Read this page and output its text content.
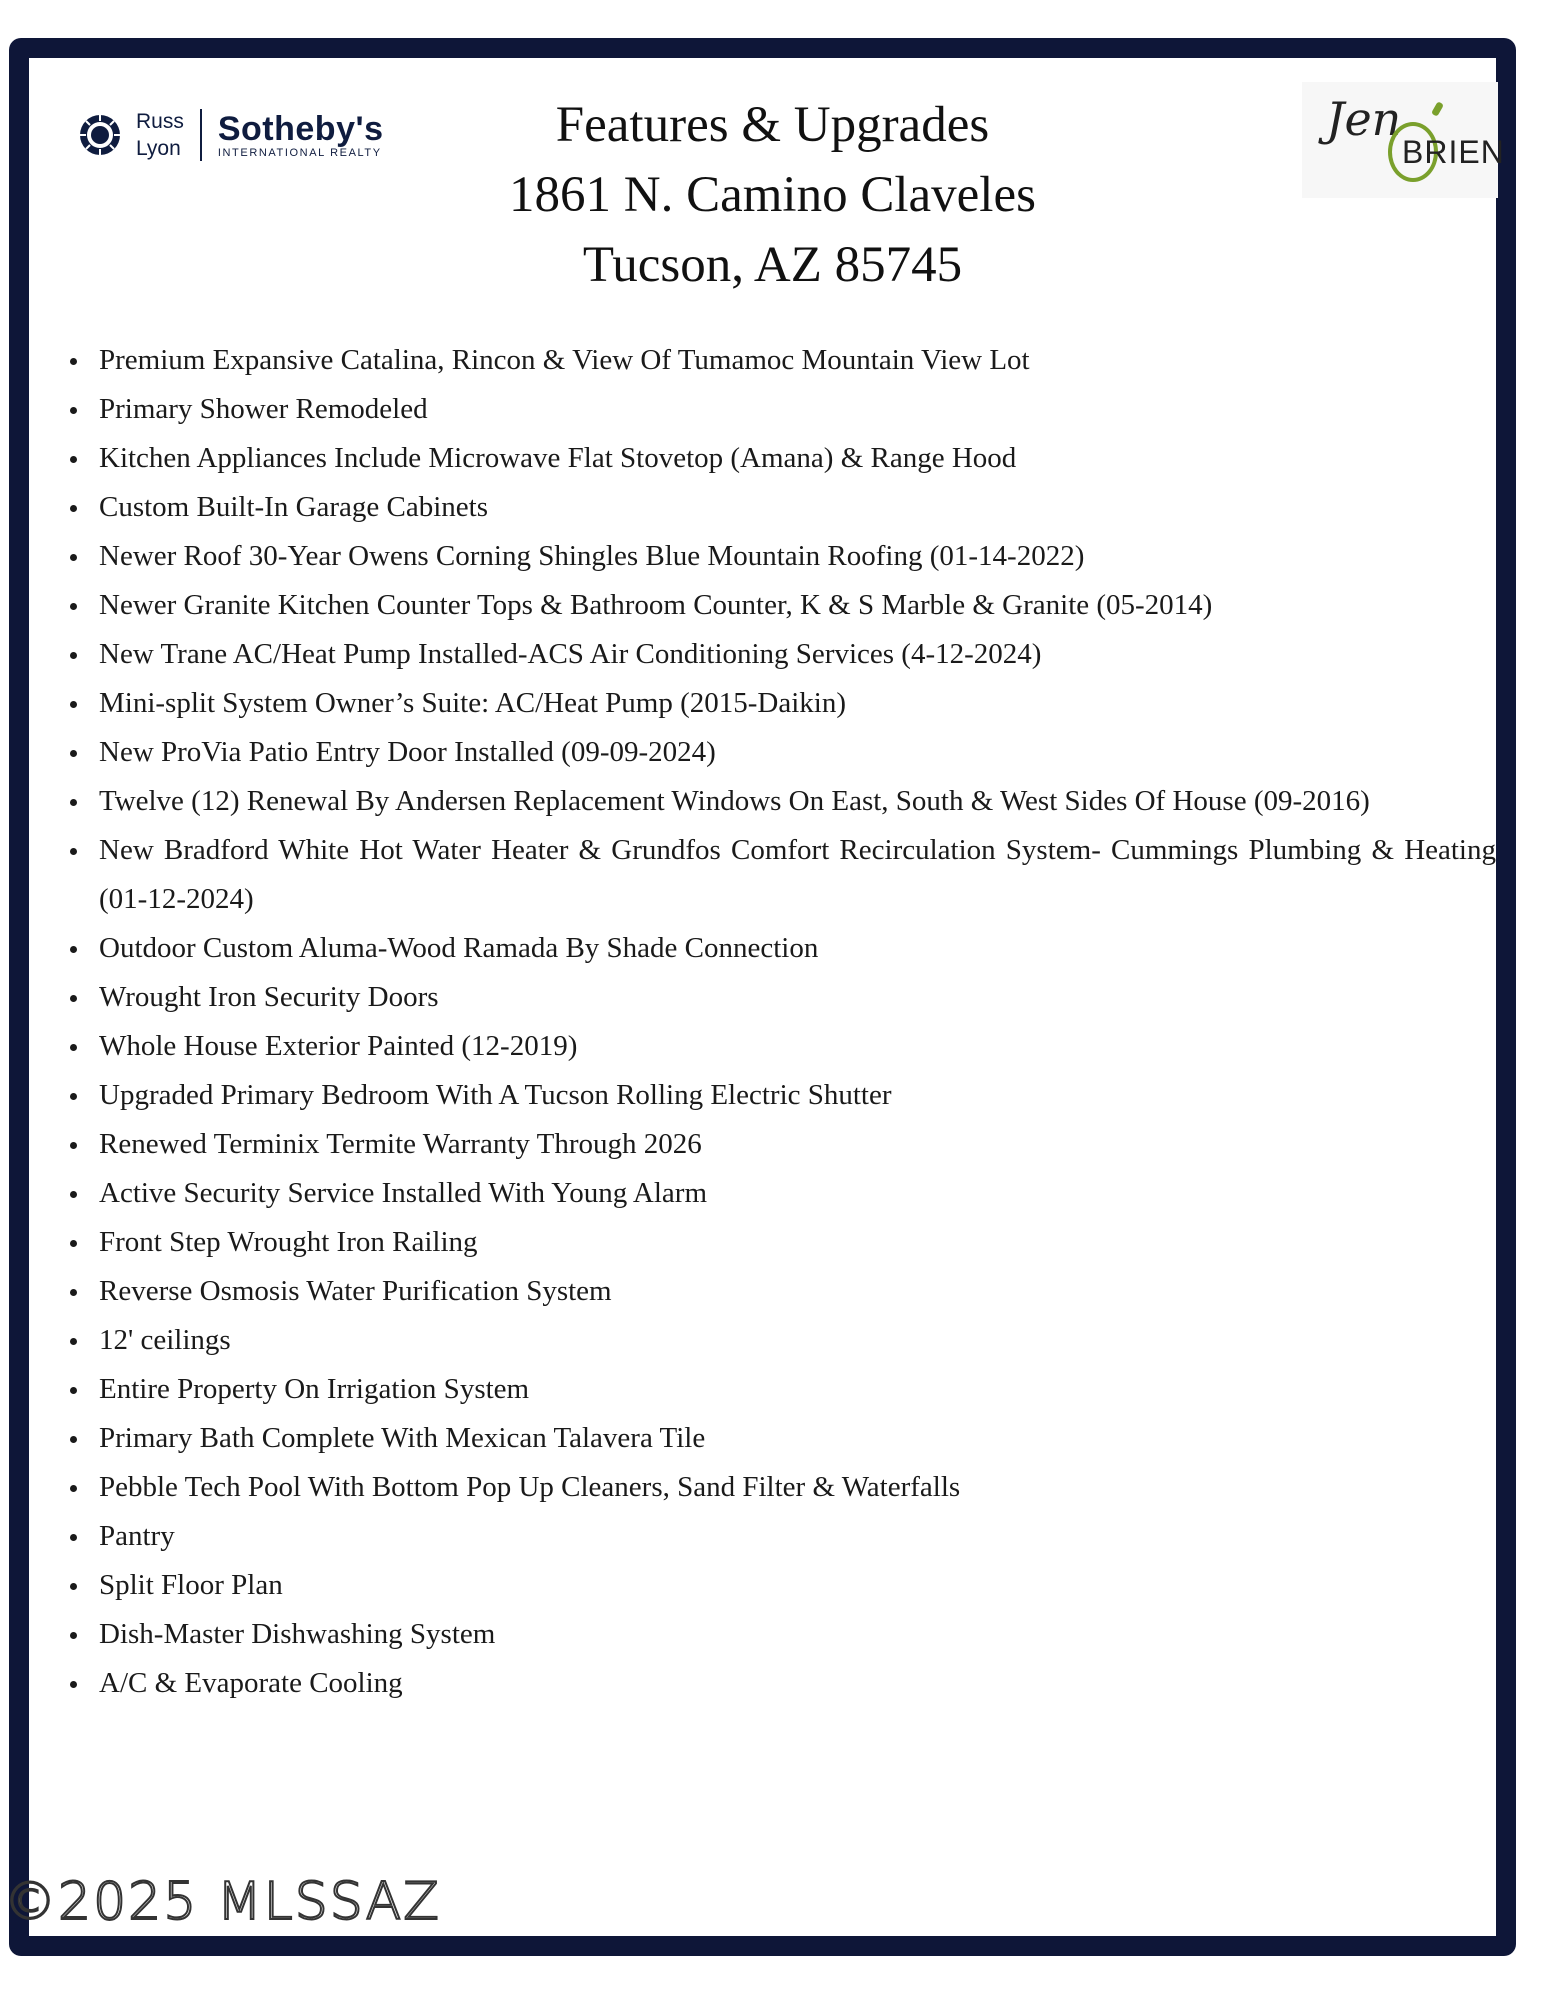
Russ
Lyon
Sotheby's
INTERNATIONAL REALTY
Jen
BRIEN
Features & Upgrades
1861 N. Camino Claveles
Tucson, AZ 85745
Premium Expansive Catalina, Rincon & View Of Tumamoc Mountain View Lot
Primary Shower Remodeled
Kitchen Appliances Include Microwave Flat Stovetop (Amana) & Range Hood
Custom Built-In Garage Cabinets
Newer Roof 30-Year Owens Corning Shingles Blue Mountain Roofing (01-14-2022)
Newer Granite Kitchen Counter Tops & Bathroom Counter, K & S Marble & Granite (05-2014)
New Trane AC/Heat Pump Installed-ACS Air Conditioning Services (4-12-2024)
Mini-split System Owner’s Suite: AC/Heat Pump (2015-Daikin)
New ProVia Patio Entry Door Installed (09-09-2024)
Twelve (12) Renewal By Andersen Replacement Windows On East, South & West Sides Of House (09-2016)
New Bradford White Hot Water Heater & Grundfos Comfort Recirculation System- Cummings Plumbing & Heating (01-12-2024)
Outdoor Custom Aluma-Wood Ramada By Shade Connection
Wrought Iron Security Doors
Whole House Exterior Painted (12-2019)
Upgraded Primary Bedroom With A Tucson Rolling Electric Shutter
Renewed Terminix Termite Warranty Through 2026
Active Security Service Installed With Young Alarm
Front Step Wrought Iron Railing
Reverse Osmosis Water Purification System
12' ceilings
Entire Property On Irrigation System
Primary Bath Complete With Mexican Talavera Tile
Pebble Tech Pool With Bottom Pop Up Cleaners, Sand Filter & Waterfalls
Pantry
Split Floor Plan
Dish-Master Dishwashing System
A/C & Evaporate Cooling
©2025 MLSSAZ
